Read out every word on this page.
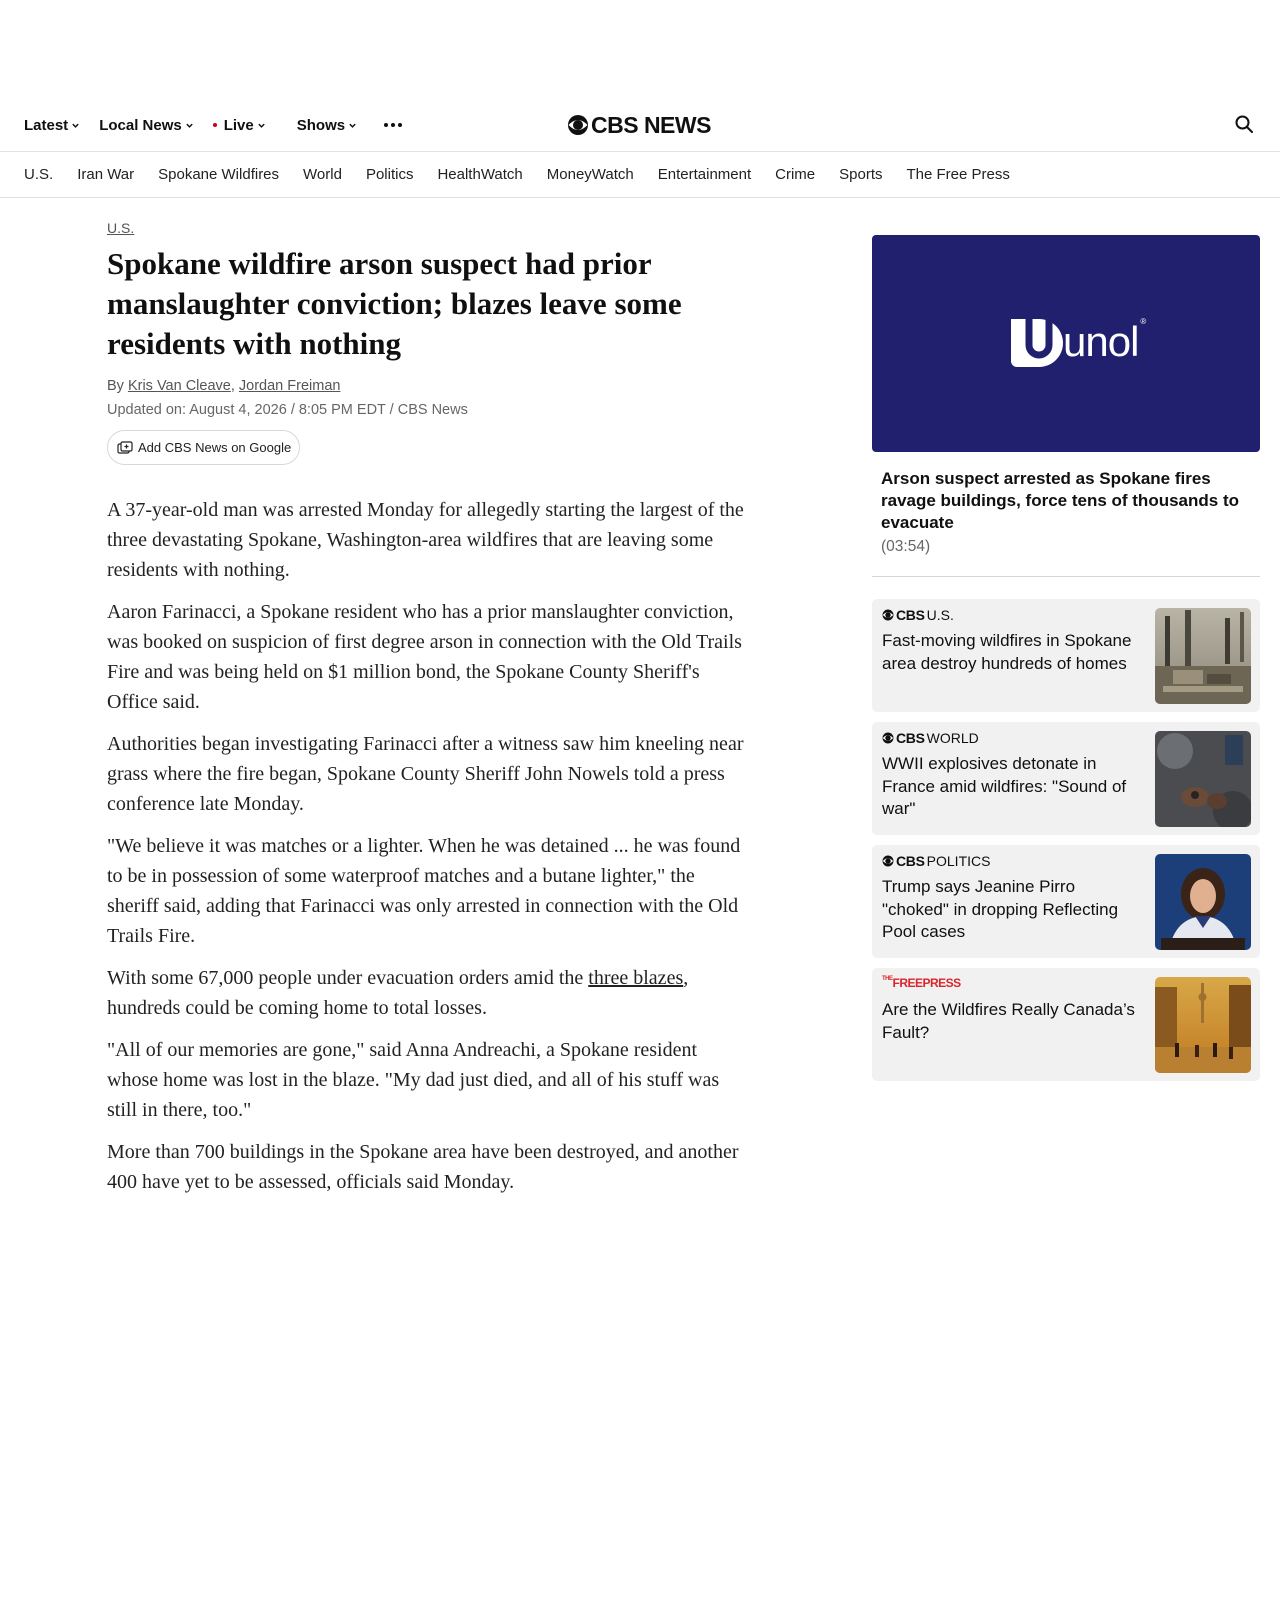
Latest Local News	Live	Shows	CBS NEWS
U.S. Iran War Spokane Wildfires World Politics HealthWatch MoneyWatch Entertainment Crime Sports The Free Press
U.S.
Spokane wildfire arson suspect had prior manslaughter conviction; blazes leave some residents with nothing
By Kris Van Cleave, Jordan Freiman
Updated on: August 4, 2026 / 8:05 PM EDT / CBS News
Add CBS News on Google

A 37-year-old man was arrested Monday for allegedly starting the largest of the three devastating Spokane, Washington-area wildfires that are leaving some residents with nothing.

Aaron Farinacci, a Spokane resident who has a prior manslaughter conviction, was booked on suspicion of first degree arson in connection with the Old Trails Fire and was being held on $1 million bond, the Spokane County Sheriff's Office said.

Authorities began investigating Farinacci after a witness saw him kneeling near grass where the fire began, Spokane County Sheriff John Nowels told a press conference late Monday.

"We believe it was matches or a lighter. When he was detained ... he was found to be in possession of some waterproof matches and a butane lighter," the sheriff said, adding that Farinacci was only arrested in connection with the Old Trails Fire.

With some 67,000 people under evacuation orders amid the three blazes, hundreds could be coming home to total losses.

"All of our memories are gone," said Anna Andreachi, a Spokane resident whose home was lost in the blaze. "My dad just died, and all of his stuff was still in there, too."

More than 700 buildings in the Spokane area have been destroyed, and another 400 have yet to be assessed, officials said Monday.

unol ®
Arson suspect arrested as Spokane fires ravage buildings, force tens of thousands to evacuate
(03:54)
CBS U.S.
Fast-moving wildfires in Spokane area destroy hundreds of homes
CBS WORLD
WWII explosives detonate in France amid wildfires: "Sound of war"
CBS POLITICS
Trump says Jeanine Pirro "choked" in dropping Reflecting Pool cases
$^{THE}$FREEPRESS
Are the Wildfires Really Canada’s Fault?
